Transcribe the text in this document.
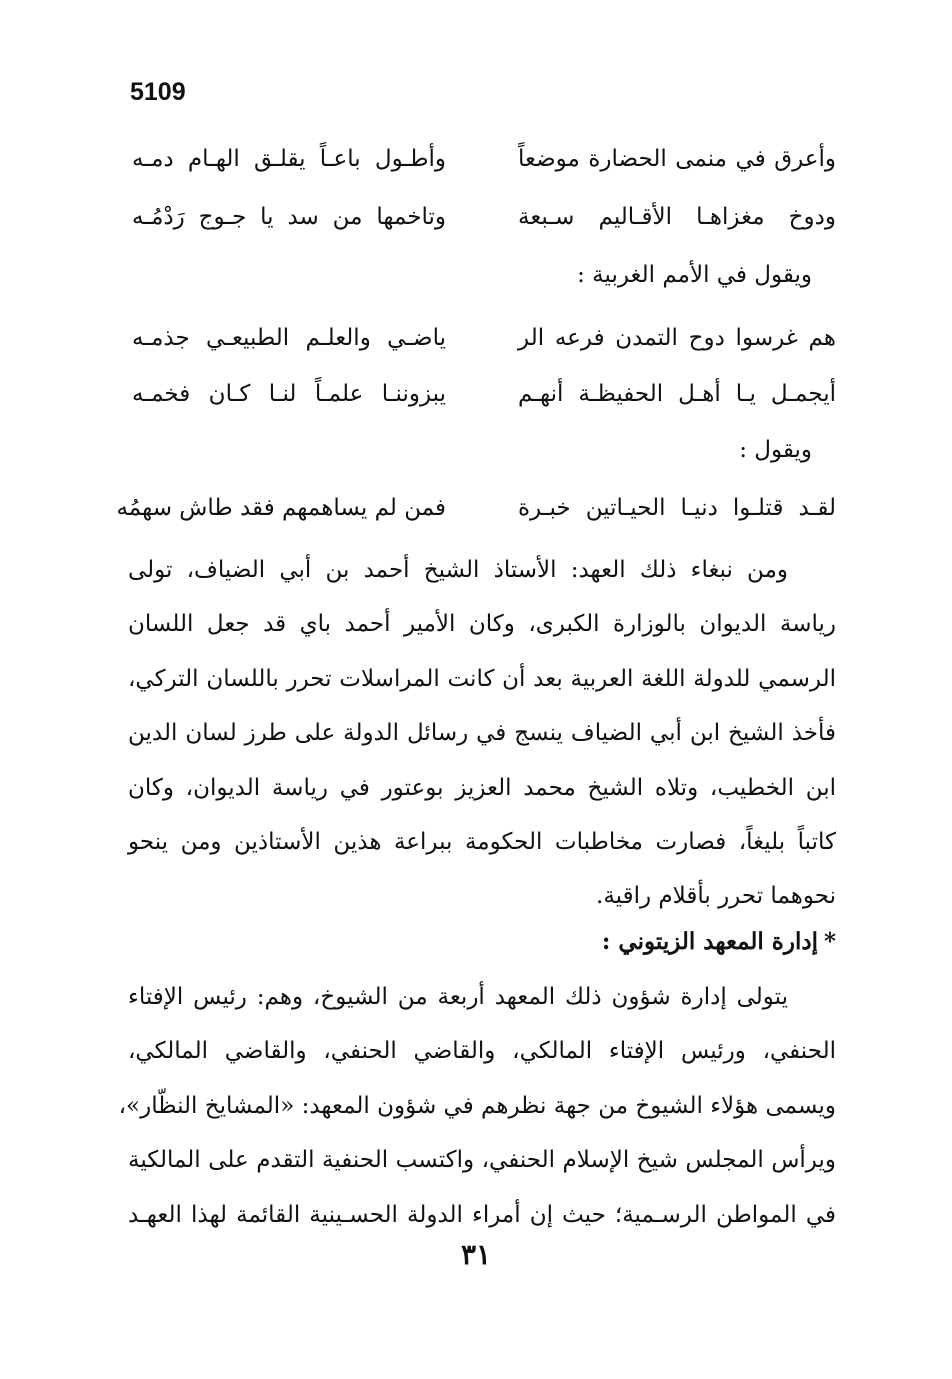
5109
وأعرق في منمى الحضارة موضعاً
وأطـول باعـاً يقلـق الهـام دمـه
ودوخ مغزاهـا الأقـاليم سـبعة
وتاخمها من سد يا جـوج رَدْمُـه
ويقول في الأمم الغربية :
هم غرسوا دوح التمدن فرعه الر
ياضـي والعلـم الطبيعـي جذمـه
أيجمـل يـا أهـل الحفيظـة أنهـم
يبزوننـا علمـاً لنـا كـان فخمـه
ويقول :
لقـد قتلـوا دنيـا الحيـاتين خبـرة
فمن لم يساهمهم فقد طاش سهمُه
ومن نبغاء ذلك العهد: الأستاذ الشيخ أحمد بن أبي الضياف، تولى
رياسة الديوان بالوزارة الكبرى، وكان الأمير أحمد باي قد جعل اللسان
الرسمي للدولة اللغة العربية بعد أن كانت المراسلات تحرر باللسان التركي،
فأخذ الشيخ ابن أبي الضياف ينسج في رسائل الدولة على طرز لسان الدين
ابن الخطيب، وتلاه الشيخ محمد العزيز بوعتور في رياسة الديوان، وكان
كاتباً بليغاً، فصارت مخاطبات الحكومة ببراعة هذين الأستاذين ومن ينحو
نحوهما تحرر بأقلام راقية.
*إدارة المعهد الزيتوني :
يتولى إدارة شؤون ذلك المعهد أربعة من الشيوخ، وهم: رئيس الإفتاء
الحنفي، ورئيس الإفتاء المالكي، والقاضي الحنفي، والقاضي المالكي،
ويسمى هؤلاء الشيوخ من جهة نظرهم في شؤون المعهد: «المشايخ النظّار»،
ويرأس المجلس شيخ الإسلام الحنفي، واكتسب الحنفية التقدم على المالكية
في المواطن الرسـمية؛ حيث إن أمراء الدولة الحسـينية القائمة لهذا العهـد
٣١
